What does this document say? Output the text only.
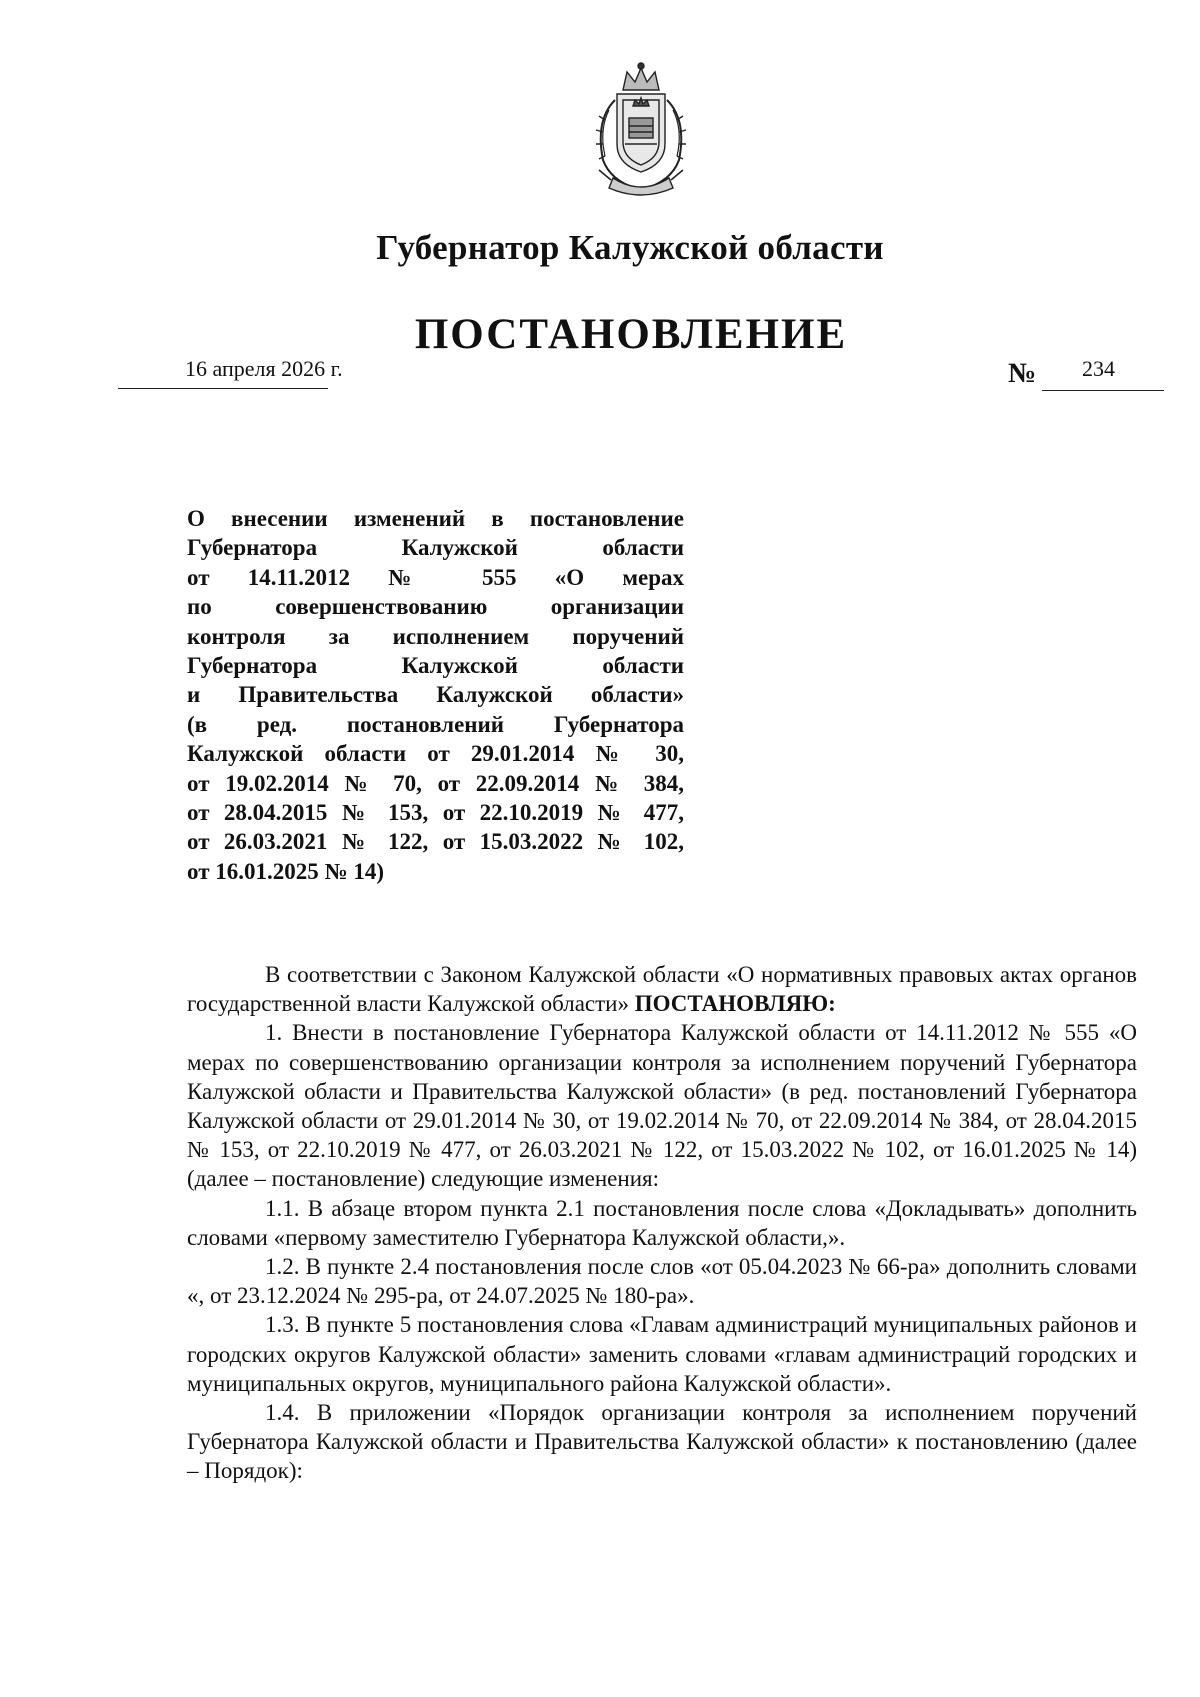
Губернатор Калужской области
ПОСТАНОВЛЕНИЕ
16 апреля 2026 г.	№ 234
О внесении изменений в постановление
Губернатора Калужской области
от 14.11.2012 № 555 «О мерах
по совершенствованию организации
контроля за исполнением поручений
Губернатора Калужской области
и Правительства Калужской области»
(в ред. постановлений Губернатора
Калужской области от 29.01.2014 № 30,
от 19.02.2014 № 70, от 22.09.2014 № 384,
от 28.04.2015 № 153, от 22.10.2019 № 477,
от 26.03.2021 № 122, от 15.03.2022 № 102,
от 16.01.2025 № 14)

В соответствии с Законом Калужской области «О нормативных правовых актах органов государственной власти Калужской области» ПОСТАНОВЛЯЮ:

1. Внести в постановление Губернатора Калужской области от 14.11.2012 № 555 «О мерах по совершенствованию организации контроля за исполнением поручений Губернатора Калужской области и Правительства Калужской области» (в ред. постановлений Губернатора Калужской области от 29.01.2014 № 30, от 19.02.2014 № 70, от 22.09.2014 № 384, от 28.04.2015 № 153, от 22.10.2019 № 477, от 26.03.2021 № 122, от 15.03.2022 № 102, от 16.01.2025 № 14) (далее – постановление) следующие изменения:

1.1. В абзаце втором пункта 2.1 постановления после слова «Докладывать» дополнить словами «первому заместителю Губернатора Калужской области,».

1.2. В пункте 2.4 постановления после слов «от 05.04.2023 № 66-ра» дополнить словами «, от 23.12.2024 № 295-ра, от 24.07.2025 № 180-ра».

1.3. В пункте 5 постановления слова «Главам администраций муниципальных районов и городских округов Калужской области» заменить словами «главам администраций городских и муниципальных округов, муниципального района Калужской области».

1.4. В приложении «Порядок организации контроля за исполнением поручений Губернатора Калужской области и Правительства Калужской области» к постановлению (далее – Порядок):
